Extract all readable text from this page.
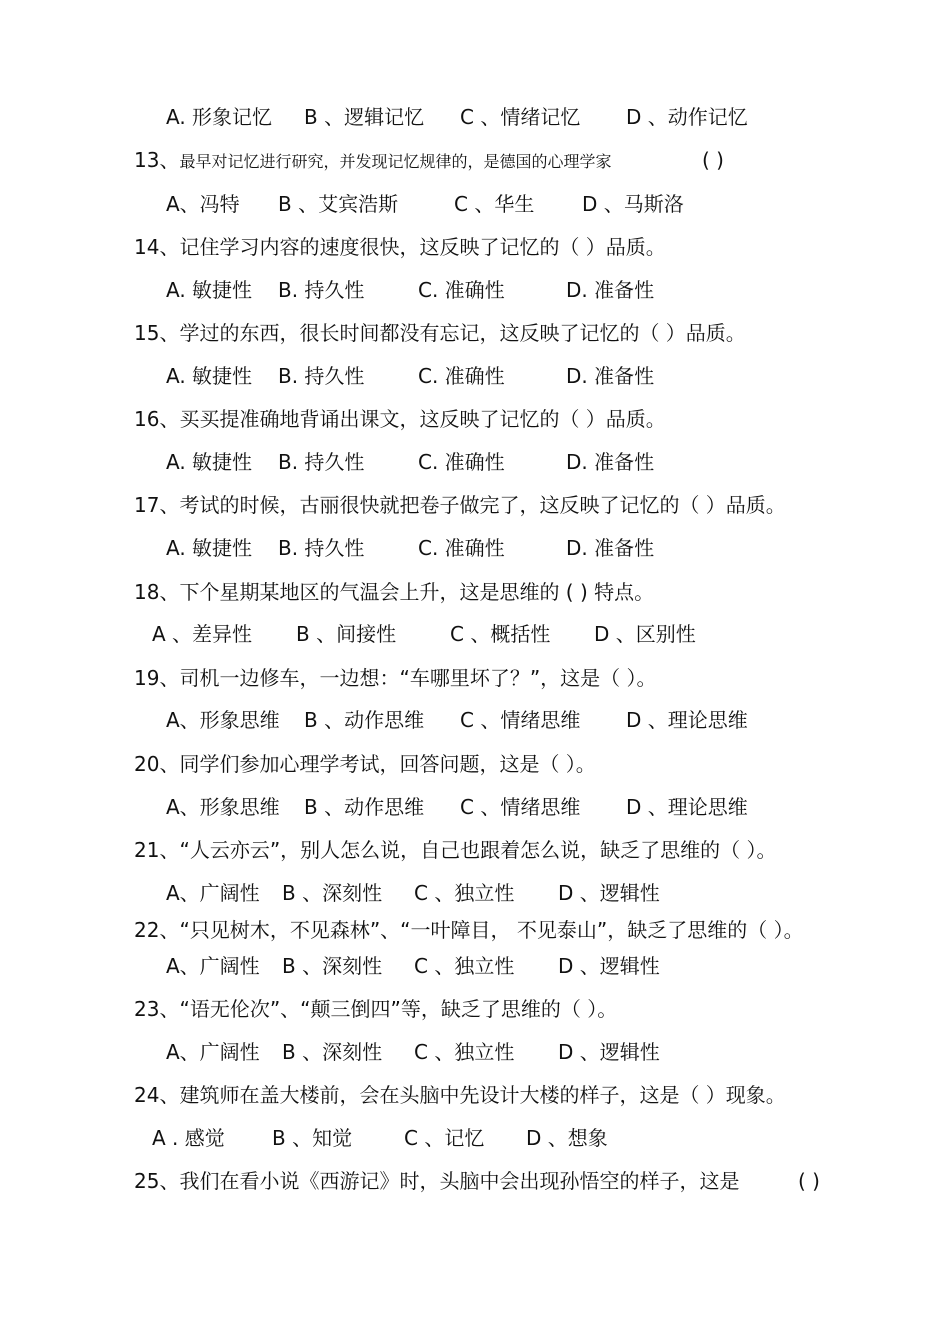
A. 形象记忆 B 、逻辑记忆 C 、情绪记忆 D 、动作记忆
13、最早对记忆进行研究，并发现记忆规律的，是德国的心理学家	( )
A、冯特 B 、艾宾浩斯	C 、华生 D 、马斯洛
14、记住学习内容的速度很快，这反映了记忆的（ ）品质。
A. 敏捷性 B. 持久性	C. 准确性	D. 准备性
15、学过的东西，很长时间都没有忘记，这反映了记忆的（ ）品质。
A. 敏捷性 B. 持久性	C. 准确性	D. 准备性
16、买买提准确地背诵出课文，这反映了记忆的（ ）品质。
A. 敏捷性 B. 持久性	C. 准确性	D. 准备性
17、考试的时候，古丽很快就把卷子做完了，这反映了记忆的（ ）品质。
A. 敏捷性 B. 持久性	C. 准确性	D. 准备性
18、下个星期某地区的气温会上升，这是思维的 ( ) 特点。
A 、差异性 B 、间接性	C 、概括性 D 、区别性
19、司机一边修车，一边想：“车哪里坏了？”，这是（ ）。
A、形象思维 B 、动作思维 C 、情绪思维 D 、理论思维
20、同学们参加心理学考试，回答问题，这是（ ）。
A、形象思维 B 、动作思维 C 、情绪思维 D 、理论思维
21、“人云亦云”，别人怎么说，自己也跟着怎么说，缺乏了思维的（ ）。
A、广阔性 B 、深刻性 C 、独立性 D 、逻辑性
22、“只见树木，不见森林”、“一叶障目， 不见泰山”，缺乏了思维的（ ）。
A、广阔性 B 、深刻性 C 、独立性 D 、逻辑性
23、“语无伦次”、“颠三倒四”等，缺乏了思维的（ ）。
A、广阔性 B 、深刻性 C 、独立性 D 、逻辑性
24、建筑师在盖大楼前，会在头脑中先设计大楼的样子，这是（ ）现象。
A . 感觉 B 、知觉	C 、记忆 D 、想象
25、我们在看小说《西游记》时，头脑中会出现孙悟空的样子，这是	( )
